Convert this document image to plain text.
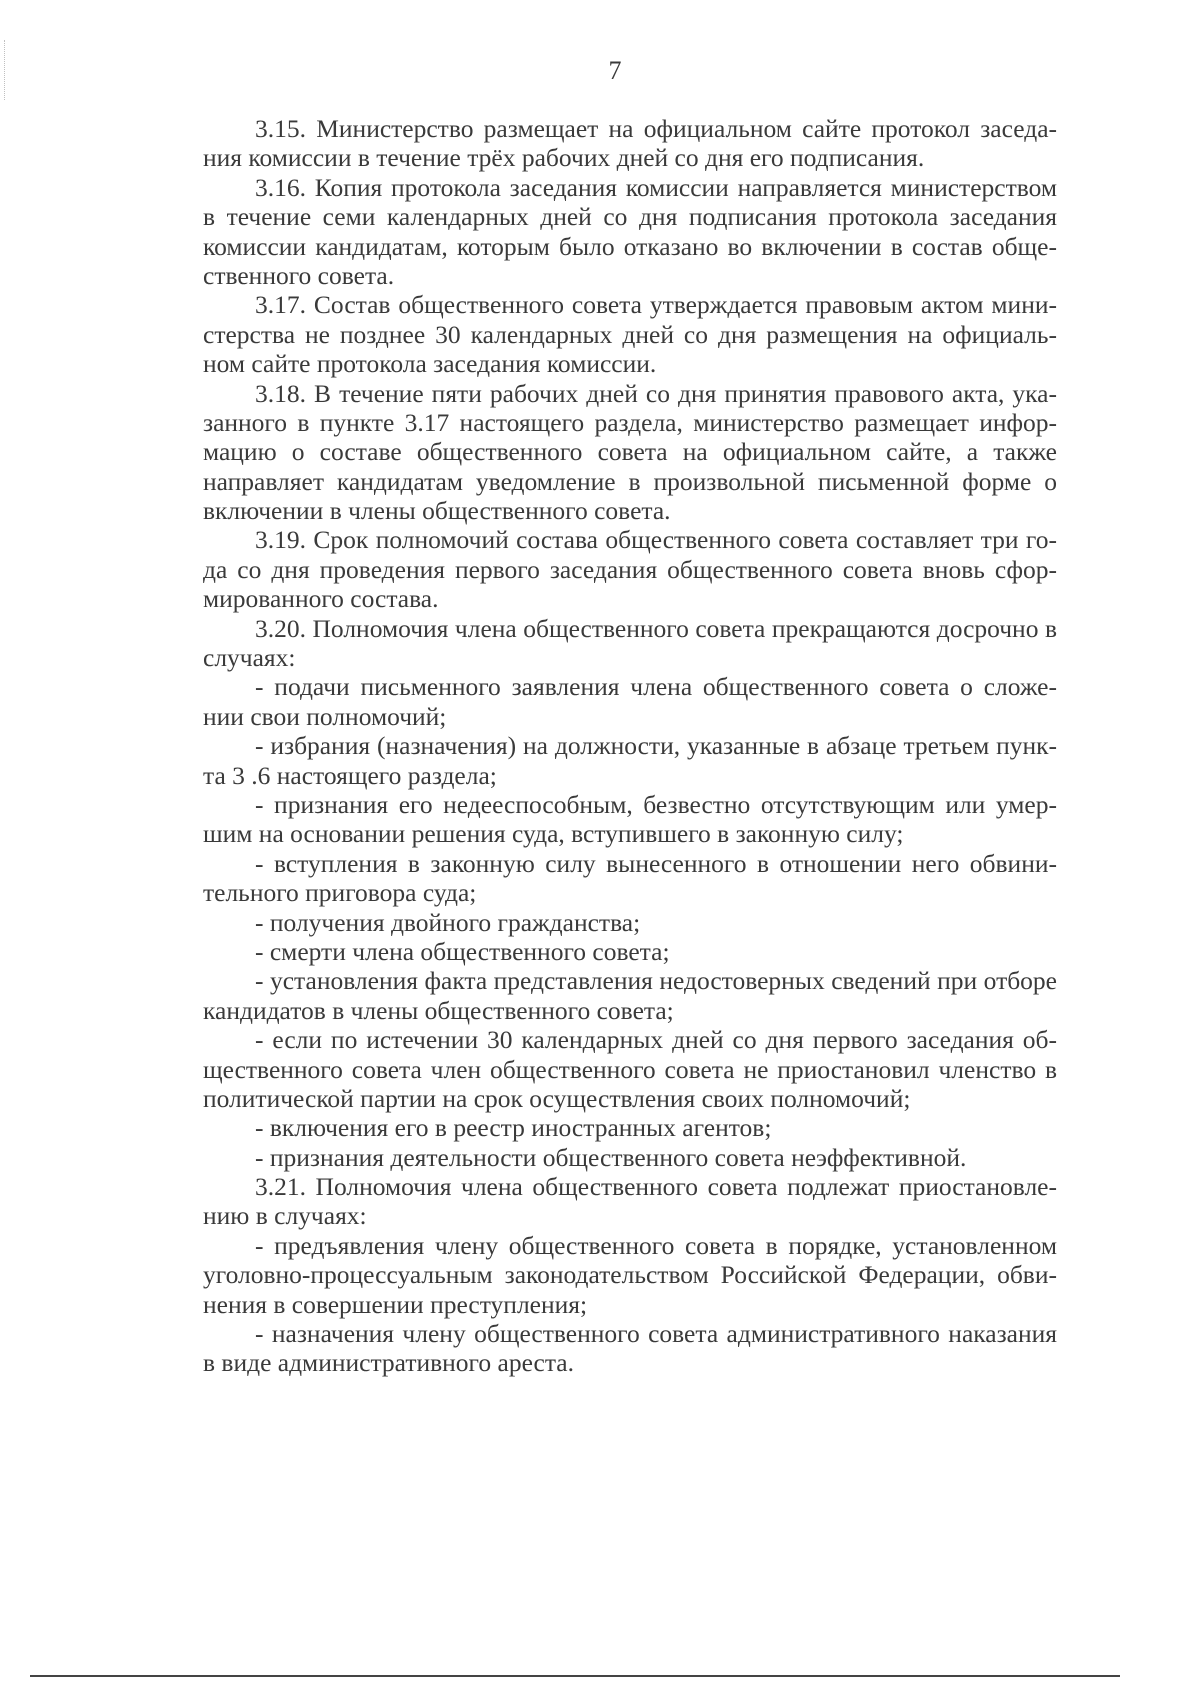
7
3.15. Министерство размещает на официальном сайте протокол заседа-
ния комиссии в течение трёх рабочих дней со дня его подписания.
3.16. Копия протокола заседания комиссии направляется министерством
в течение семи календарных дней со дня подписания протокола заседания
комиссии кандидатам, которым было отказано во включении в состав обще-
ственного совета.
3.17. Состав общественного совета утверждается правовым актом мини-
стерства не позднее 30 календарных дней со дня размещения на официаль-
ном сайте протокола заседания комиссии.
3.18. В течение пяти рабочих дней со дня принятия правового акта, ука-
занного в пункте 3.17 настоящего раздела, министерство размещает инфор-
мацию о составе общественного совета на официальном сайте, а также
направляет кандидатам уведомление в произвольной письменной форме о
включении в члены общественного совета.
3.19. Срок полномочий состава общественного совета составляет три го-
да со дня проведения первого заседания общественного совета вновь сфор-
мированного состава.
3.20. Полномочия члена общественного совета прекращаются досрочно в
случаях:
- подачи письменного заявления члена общественного совета о сложе-
нии свои полномочий;
- избрания (назначения) на должности, указанные в абзаце третьем пунк-
та 3 .6 настоящего раздела;
- признания его недееспособным, безвестно отсутствующим или умер-
шим на основании решения суда, вступившего в законную силу;
- вступления в законную силу вынесенного в отношении него обвини-
тельного приговора суда;
- получения двойного гражданства;
- смерти члена общественного совета;
- установления факта представления недостоверных сведений при отборе
кандидатов в члены общественного совета;
- если по истечении 30 календарных дней со дня первого заседания об-
щественного совета член общественного совета не приостановил членство в
политической партии на срок осуществления своих полномочий;
- включения его в реестр иностранных агентов;
- признания деятельности общественного совета неэффективной.
3.21. Полномочия члена общественного совета подлежат приостановле-
нию в случаях:
- предъявления члену общественного совета в порядке, установленном
уголовно-процессуальным законодательством Российской Федерации, обви-
нения в совершении преступления;
- назначения члену общественного совета административного наказания
в виде административного ареста.
